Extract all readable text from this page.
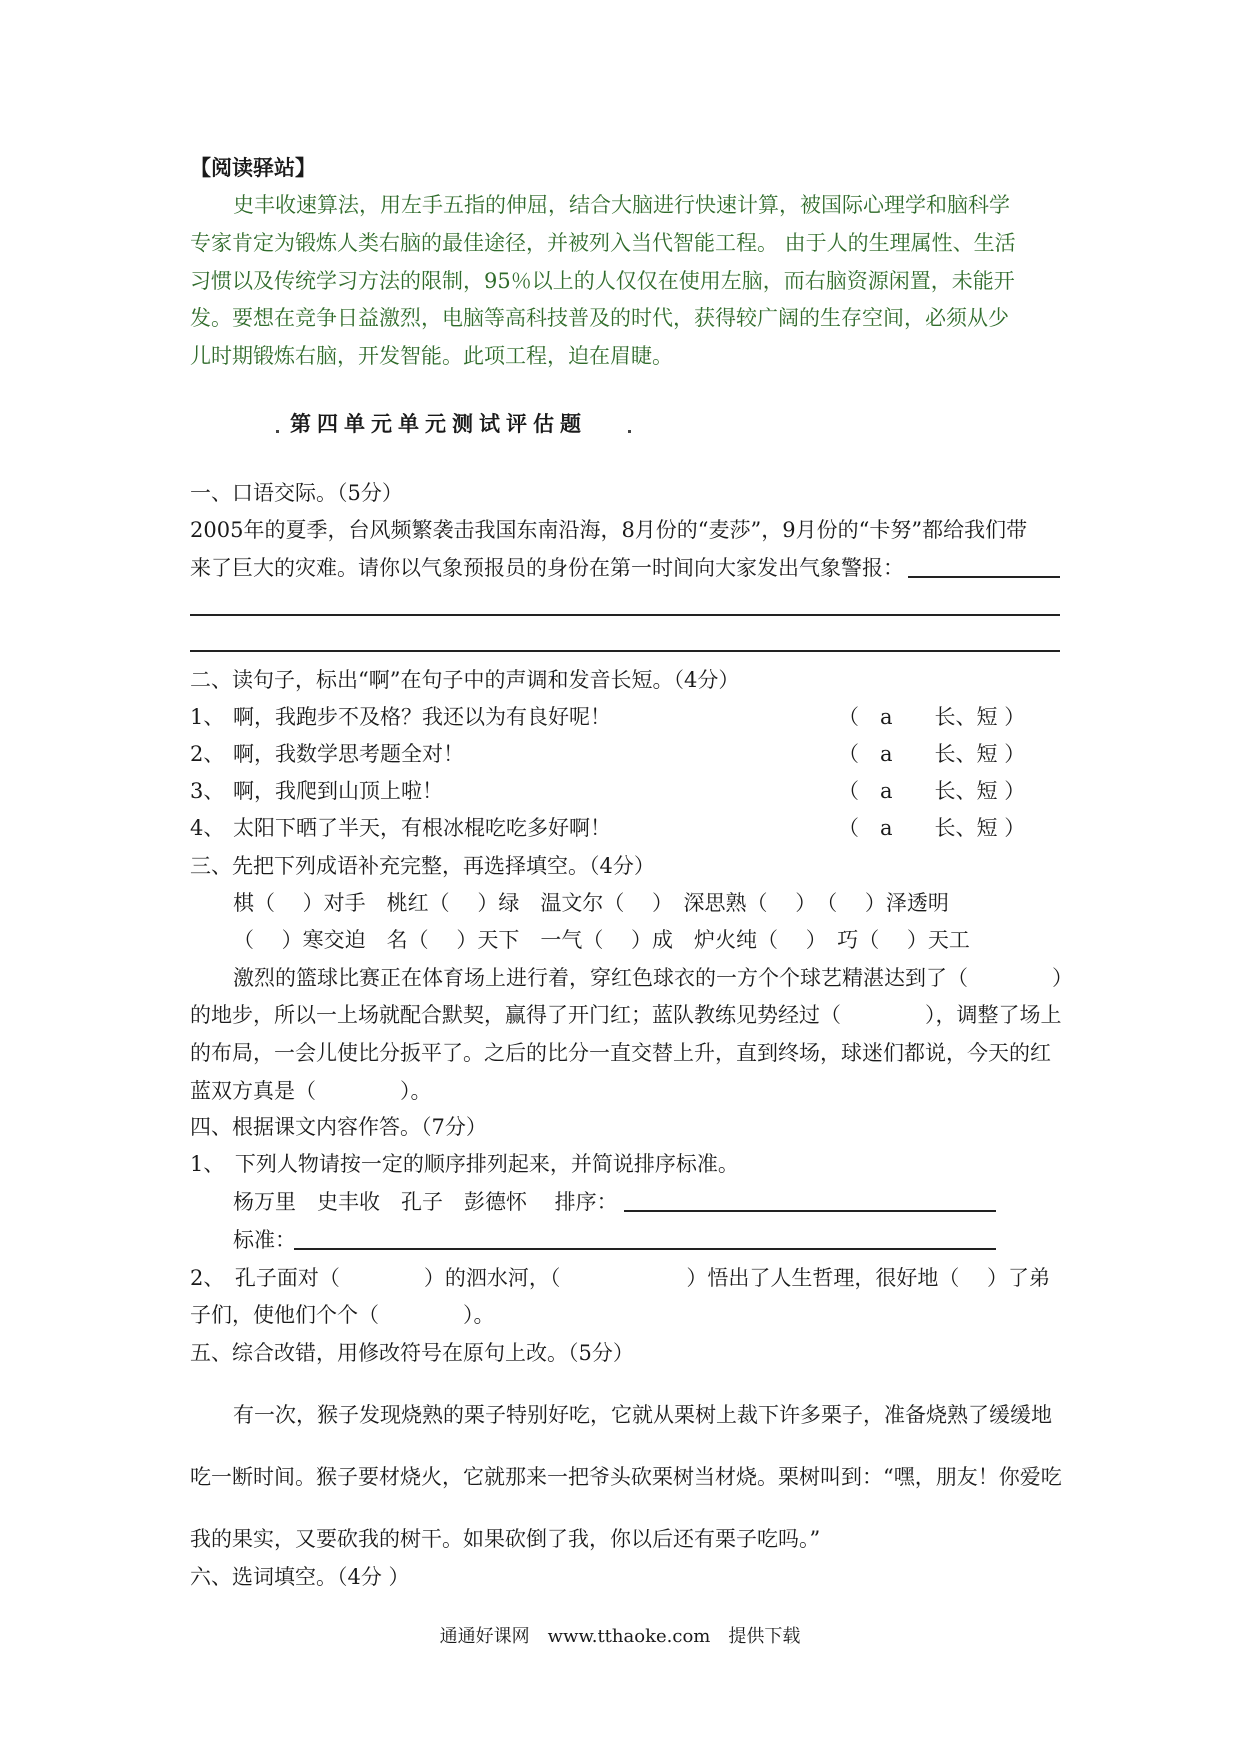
【阅读驿站】
史丰收速算法，用左手五指的伸屈，结合大脑进行快速计算，被国际心理学和脑科学
专家肯定为锻炼人类右脑的最佳途径，并被列入当代智能工程。 由于人的生理属性、生活
习惯以及传统学习方法的限制，95％以上的人仅仅在使用左脑，而右脑资源闲置，未能开
发。要想在竞争日益激烈，电脑等高科技普及的时代，获得较广阔的生存空间，必须从少
儿时期锻炼右脑，开发智能。此项工程，迫在眉睫。
第四单元单元测试评估题
一、口语交际。（5分）
2005年的夏季，台风频繁袭击我国东南沿海，8月份的“麦莎”，9月份的“卡努”都给我们带
来了巨大的灾难。请你以气象预报员的身份在第一时间向大家发出气象警报：
二、读句子，标出“啊”在句子中的声调和发音长短。（4分）
1、 啊，我跑步不及格？我还以为有良好呢！	（　a　　长、短 ）
2、 啊，我数学思考题全对！	（　a　　长、短 ）
3、 啊，我爬到山顶上啦！	（　a　　长、短 ）
4、 太阳下晒了半天，有根冰棍吃吃多好啊！	（　a　　长、短 ）
三、先把下列成语补充完整，再选择填空。（4分）
棋（　 ）对手　桃红（　 ）绿　温文尔（　 ）　深思熟（　 ）　（　 ）泽透明
（　 ）寒交迫　名（　 ）天下　一气（　 ）成　炉火纯（　 ）　巧（　 ）天工
激烈的篮球比赛正在体育场上进行着，穿红色球衣的一方个个球艺精湛达到了（　　　　）
的地步，所以一上场就配合默契，赢得了开门红；蓝队教练见势经过（　　　　），调整了场上
的布局，一会儿使比分扳平了。之后的比分一直交替上升，直到终场，球迷们都说，今天的红
蓝双方真是（　　　　）。
四、根据课文内容作答。（7分）
1、　下列人物请按一定的顺序排列起来，并简说排序标准。
杨万里　史丰收　孔子　彭德怀　 排序：
标准：
2、　孔子面对（　　　　）的泗水河，（　　　　　　）悟出了人生哲理，很好地（　 ）了弟
子们，使他们个个（　　　　）。
五、综合改错，用修改符号在原句上改。（5分）
有一次，猴子发现烧熟的栗子特别好吃，它就从栗树上裁下许多栗子，准备烧熟了缓缓地
吃一断时间。猴子要材烧火，它就那来一把爷头砍栗树当材烧。栗树叫到：“嘿，朋友！你爱吃
我的果实，又要砍我的树干。如果砍倒了我，你以后还有栗子吃吗。”
六、选词填空。（4分 ）
通通好课网　www.tthaoke.com　提供下载
